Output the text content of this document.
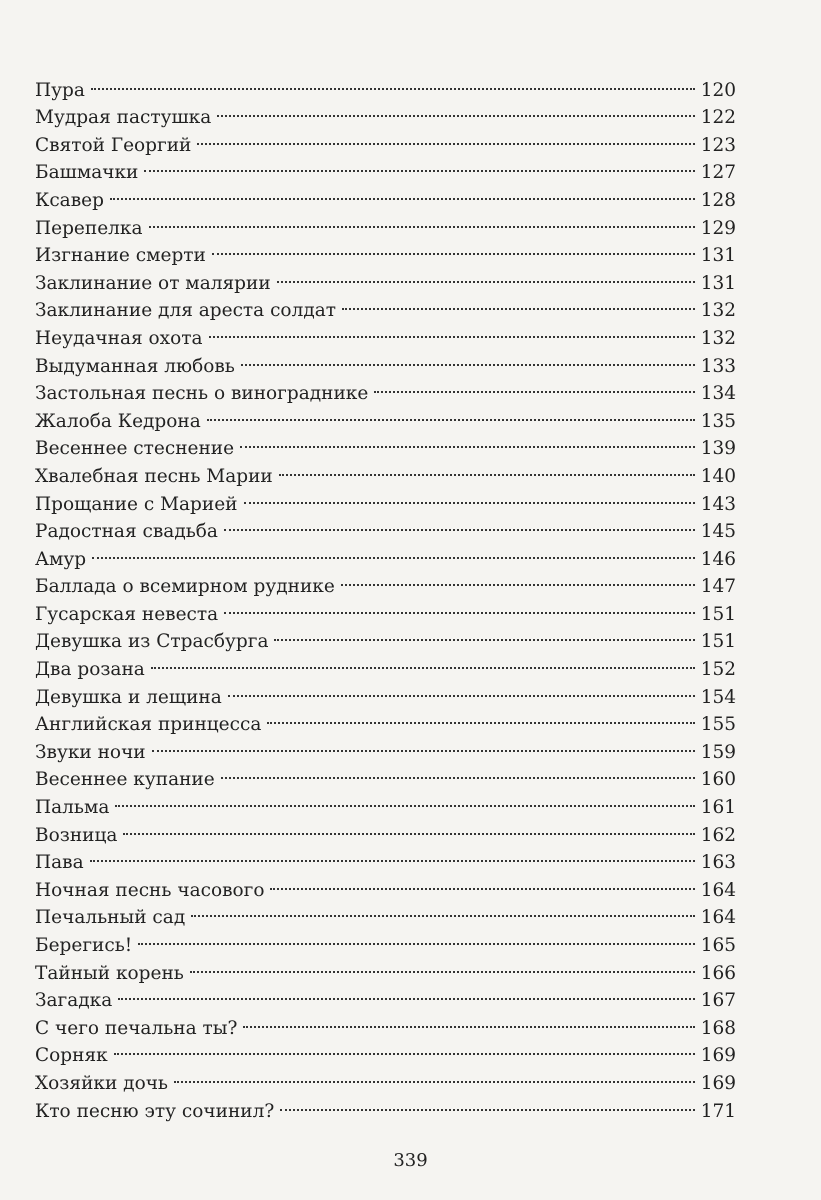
Пура	120
Мудрая пастушка	122
Святой Георгий	123
Башмачки	127
Ксавер	128
Перепелка	129
Изгнание смерти	131
Заклинание от малярии	131
Заклинание для ареста солдат	132
Неудачная охота	132
Выдуманная любовь	133
Застольная песнь о винограднике	134
Жалоба Кедрона	135
Весеннее стеснение	139
Хвалебная песнь Марии	140
Прощание с Марией	143
Радостная свадьба	145
Амур	146
Баллада о всемирном руднике	147
Гусарская невеста	151
Девушка из Страсбурга	151
Два розана	152
Девушка и лещина	154
Английская принцесса	155
Звуки ночи	159
Весеннее купание	160
Пальма	161
Возница	162
Пава	163
Ночная песнь часового	164
Печальный сад	164
Берегись!	165
Тайный корень	166
Загадка	167
С чего печальна ты?	168
Сорняк	169
Хозяйки дочь	169
Кто песню эту сочинил?	171
339
